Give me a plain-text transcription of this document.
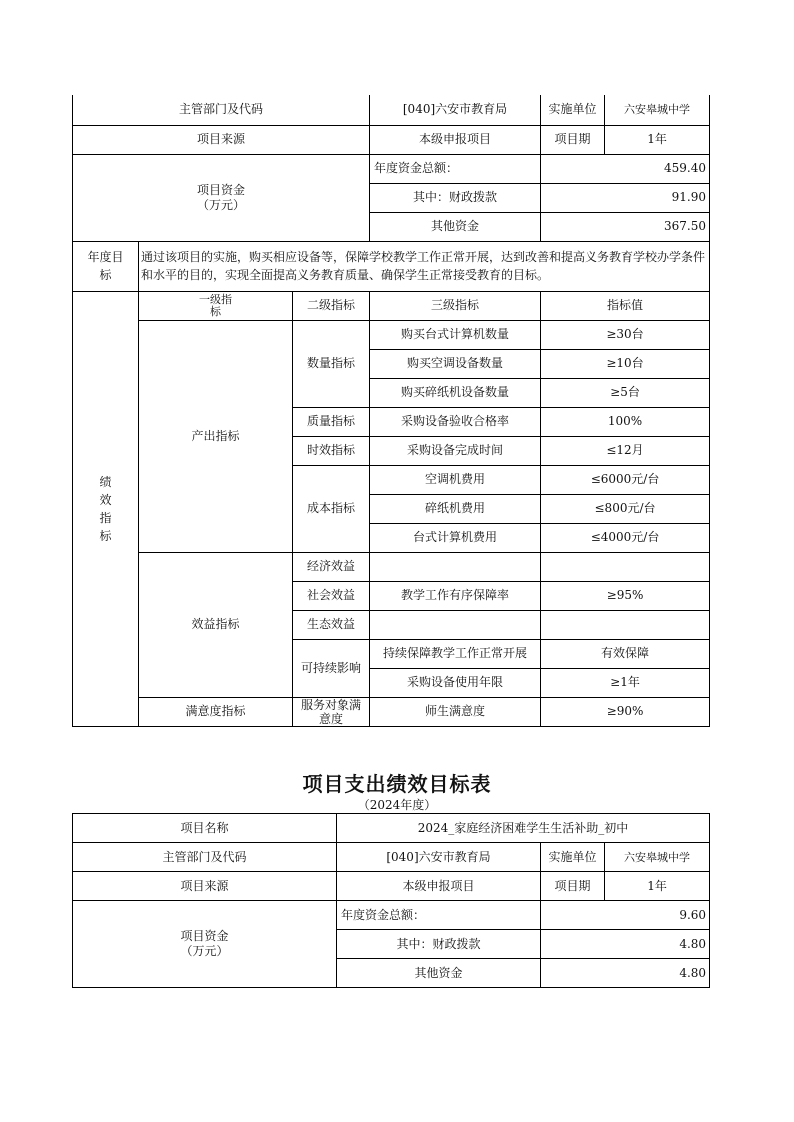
主管部门及代码			[040]六安市教育局	实施单位	六安皋城中学
项目来源			本级申报项目	项目期	1年

项目资金
（万元）			年度资金总额：	459.40	
			其中：财政拨款	91.90	
			其他资金	367.50	
年度目标	通过该项目的实施，购买相应设备等，保障学校教学工作正常开展，达到改善和提高义务教育学校办学条件和水平的目的，实现全面提高义务教育质量、确保学生正常接受教育的目标。				
绩效指标	一级指标	二级指标	三级指标	指标值	
	产出指标	数量指标	购买台式计算机数量	≥30台	
			购买空调设备数量	≥10台	
			购买碎纸机设备数量	≥5台	
		质量指标	采购设备验收合格率	100%	
		时效指标	采购设备完成时间	≤12月	
		成本指标	空调机费用	≤6000元/台	
			碎纸机费用	≤800元/台	
			台式计算机费用	≤4000元/台	
	效益指标	经济效益			
		社会效益	教学工作有序保障率	≥95%	
		生态效益			
		可持续影响	持续保障教学工作正常开展	有效保障	
			采购设备使用年限	≥1年	
	满意度指标	服务对象满意度	师生满意度	≥90%	
项目支出绩效目标表
（2024年度）
项目名称	2024_家庭经济困难学生生活补助_初中		
主管部门及代码	[040]六安市教育局	实施单位	六安皋城中学
项目来源	本级申报项目	项目期	1年

项目资金
（万元）	年度资金总额：	9.60	
	其中：财政拨款	4.80	
	其他资金	4.80	
